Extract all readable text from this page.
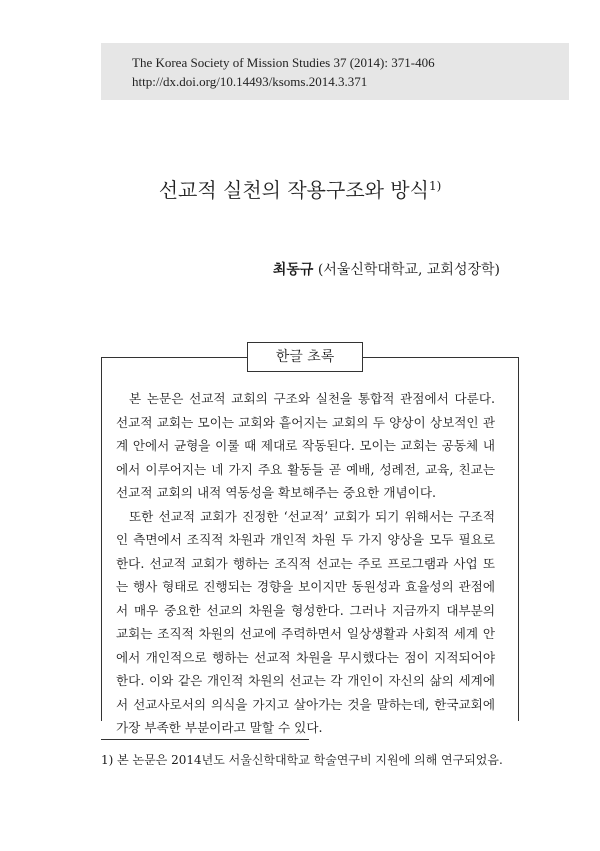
The Korea Society of Mission Studies 37 (2014): 371-406
http://dx.doi.org/10.14493/ksoms.2014.3.371
선교적 실천의 작용구조와 방식$^{1)}$
최동규 (서울신학대학교, 교회성장학)
한글 초록

본 논문은 선교적 교회의 구조와 실천을 통합적 관점에서 다룬다. 선교적 교회는 모이는 교회와 흩어지는 교회의 두 양상이 상보적인 관계 안에서 균형을 이룰 때 제대로 작동된다. 모이는 교회는 공동체 내에서 이루어지는 네 가지 주요 활동들 곧 예배, 성례전, 교육, 친교는 선교적 교회의 내적 역동성을 확보해주는 중요한 개념이다.

또한 선교적 교회가 진정한 ‘선교적’ 교회가 되기 위해서는 구조적인 측면에서 조직적 차원과 개인적 차원 두 가지 양상을 모두 필요로 한다. 선교적 교회가 행하는 조직적 선교는 주로 프로그램과 사업 또는 행사 형태로 진행되는 경향을 보이지만 동원성과 효율성의 관점에서 매우 중요한 선교의 차원을 형성한다. 그러나 지금까지 대부분의 교회는 조직적 차원의 선교에 주력하면서 일상생활과 사회적 세계 안에서 개인적으로 행하는 선교적 차원을 무시했다는 점이 지적되어야 한다. 이와 같은 개인적 차원의 선교는 각 개인이 자신의 삶의 세계에서 선교사로서의 의식을 가지고 살아가는 것을 말하는데, 한국교회에 가장 부족한 부분이라고 말할 수 있다.

1) 본 논문은 2014년도 서울신학대학교 학술연구비 지원에 의해 연구되었음.
